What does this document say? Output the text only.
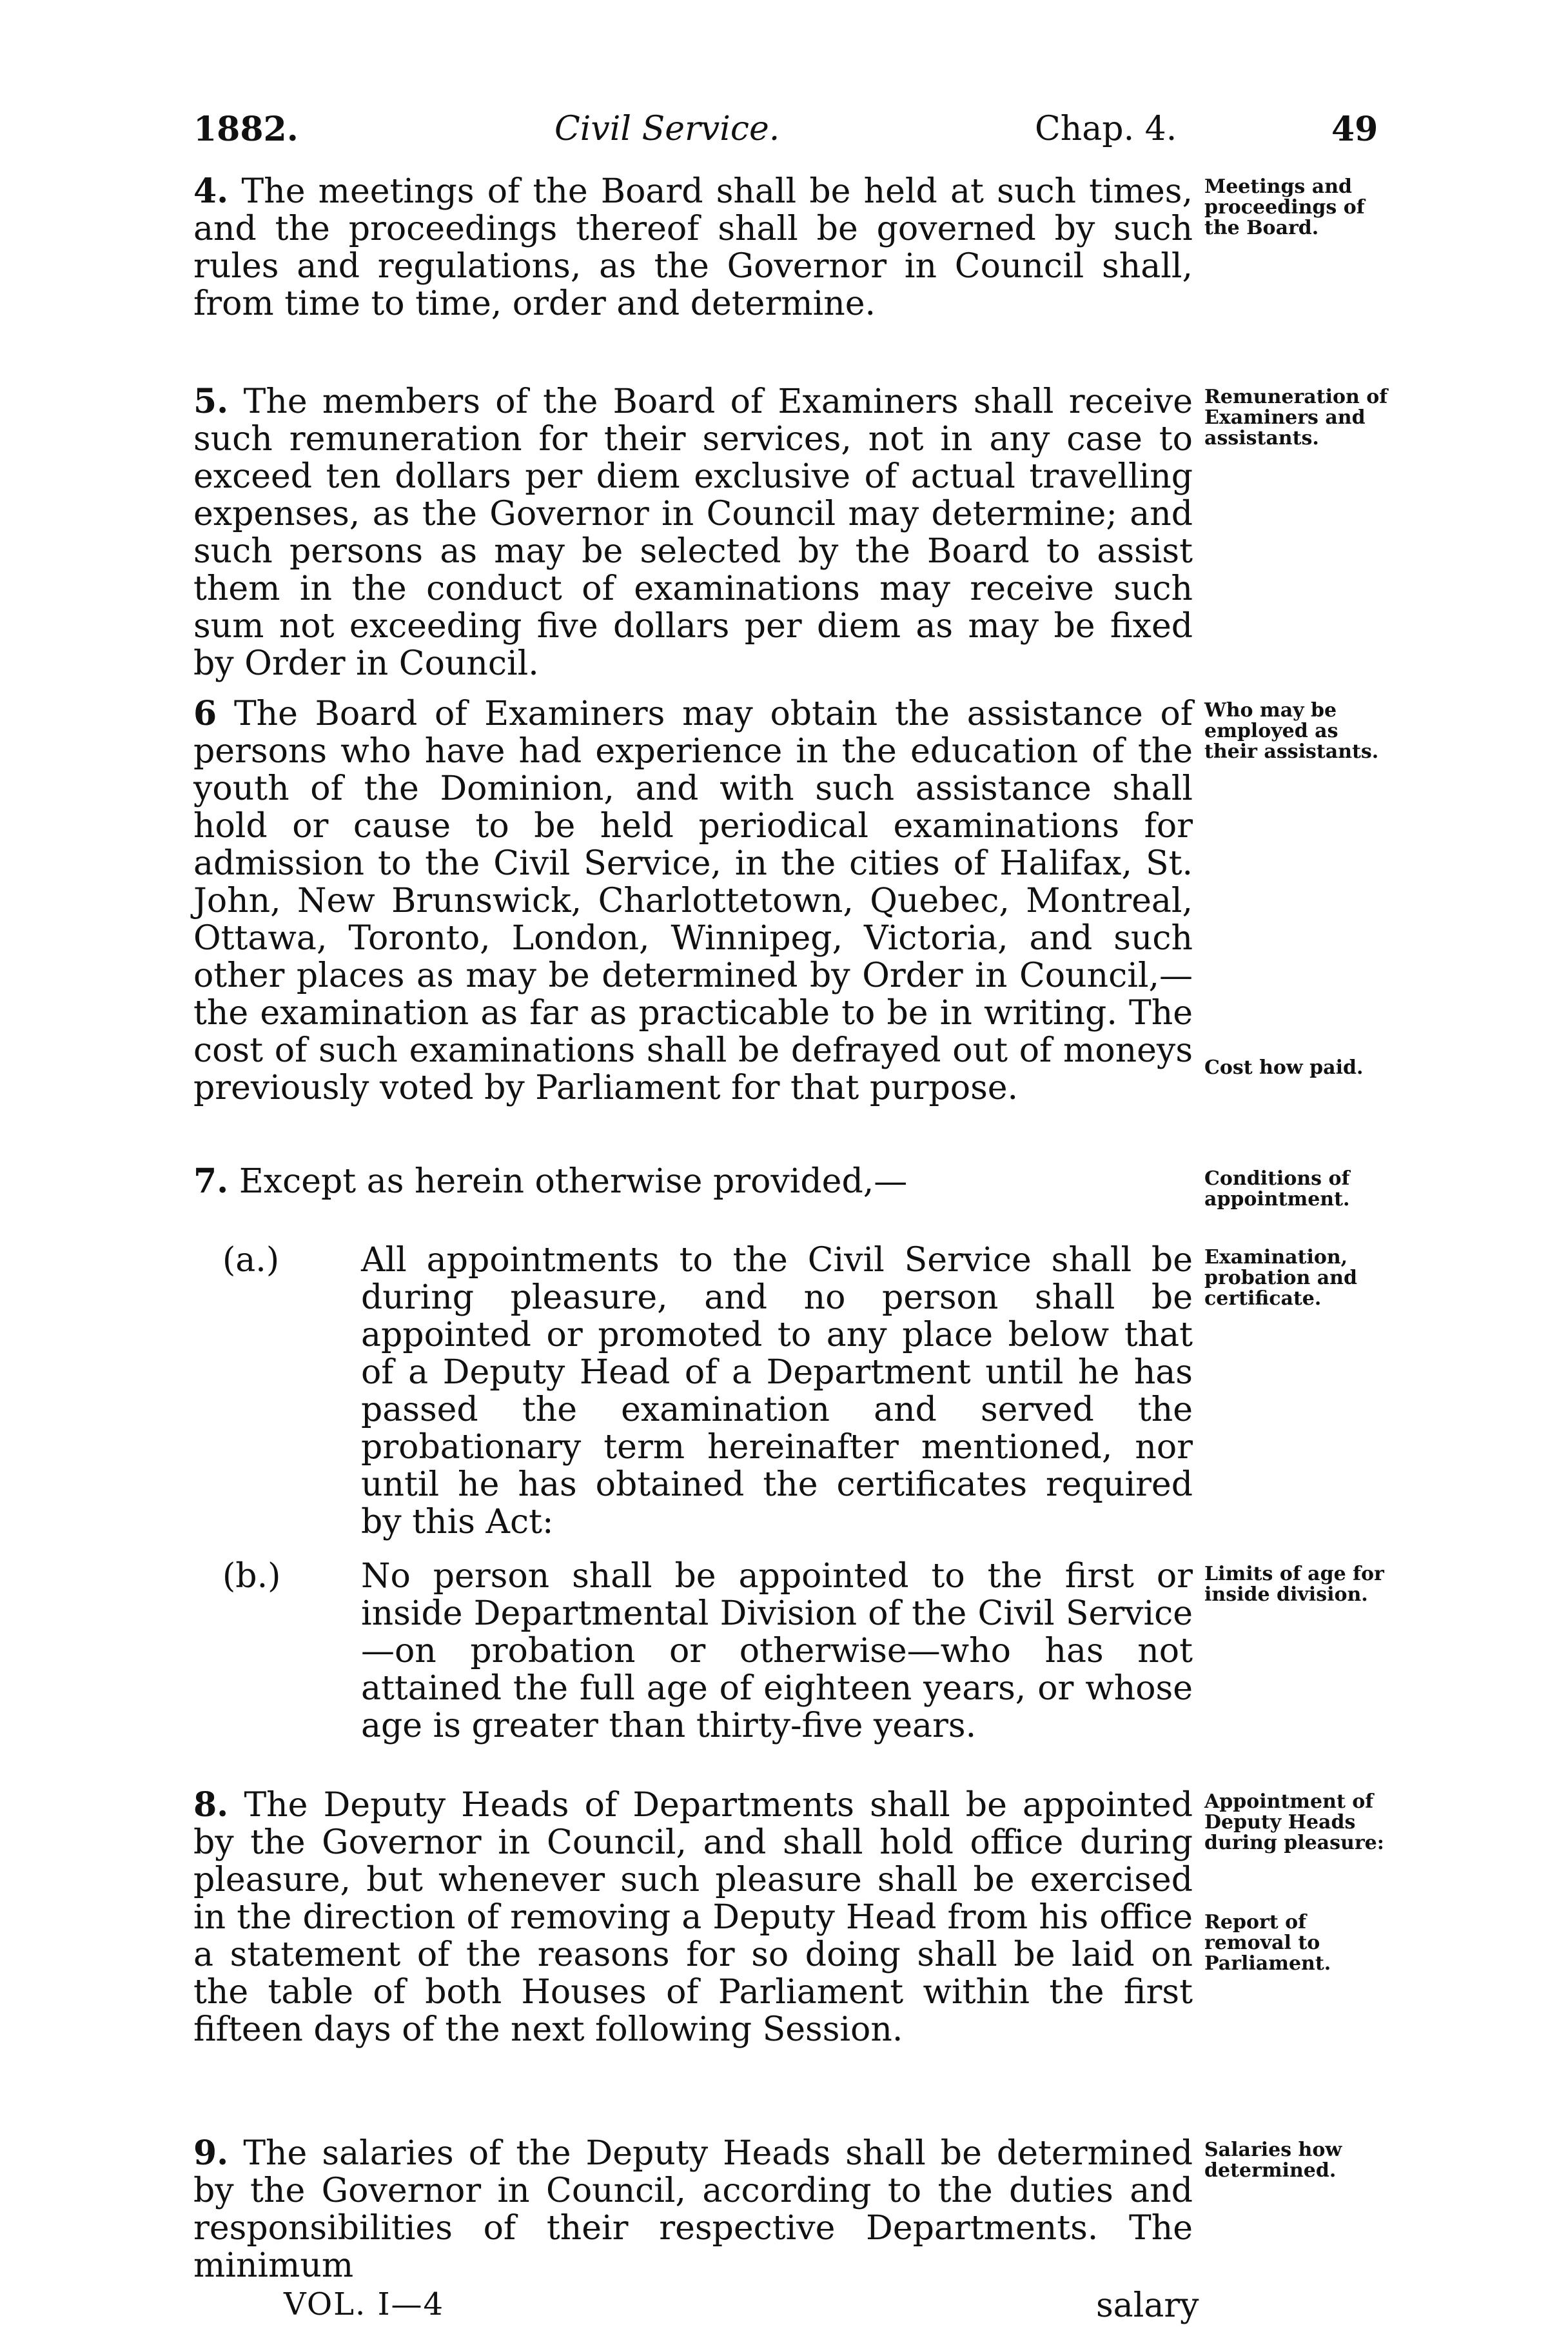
1882.	Civil Service.	Chap. 4.	49

4. The meetings of the Board shall be held at such times, and the proceedings thereof shall be governed by such rules and regulations, as the Governor in Council shall, from time to time, order and determine.

Meetings and proceedings of the Board.

5. The members of the Board of Examiners shall receive such remuneration for their services, not in any case to exceed ten dollars per diem exclusive of actual travelling expenses, as the Governor in Council may determine; and such persons as may be selected by the Board to assist them in the conduct of examinations may receive such sum not exceeding five dollars per diem as may be fixed by Order in Council.

Remuneration of Examiners and assistants.

6 The Board of Examiners may obtain the assistance of persons who have had experience in the education of the youth of the Dominion, and with such assistance shall hold or cause to be held periodical examinations for admission to the Civil Service, in the cities of Halifax, St. John, New Brunswick, Charlottetown, Quebec, Montreal, Ottawa, Toronto, London, Winnipeg, Victoria, and such other places as may be determined by Order in Council,—the examination as far as practicable to be in writing. The cost of such examinations shall be defrayed out of moneys previously voted by Parliament for that purpose.

Who may be employed as their assistants.
Cost how paid.

7. Except as herein otherwise provided,—	Conditions of appointment.

(a.) All appointments to the Civil Service shall be during pleasure, and no person shall be appointed or promoted to any place below that of a Deputy Head of a Department until he has passed the examination and served the probationary term hereinafter mentioned, nor until he has obtained the certificates required by this Act:

Examination, probation and certificate.

(b.) No person shall be appointed to the first or inside Departmental Division of the Civil Service—on probation or otherwise—who has not attained the full age of eighteen years, or whose age is greater than thirty-five years.

Limits of age for inside division.

8. The Deputy Heads of Departments shall be appointed by the Governor in Council, and shall hold office during pleasure, but whenever such pleasure shall be exercised in the direction of removing a Deputy Head from his office a statement of the reasons for so doing shall be laid on the table of both Houses of Parliament within the first fifteen days of the next following Session.

Appointment of Deputy Heads during pleasure:
Report of removal to Parliament.

9. The salaries of the Deputy Heads shall be determined by the Governor in Council, according to the duties and responsibilities of their respective Departments. The minimum

Salaries how determined.
VOL. I—4	salary
